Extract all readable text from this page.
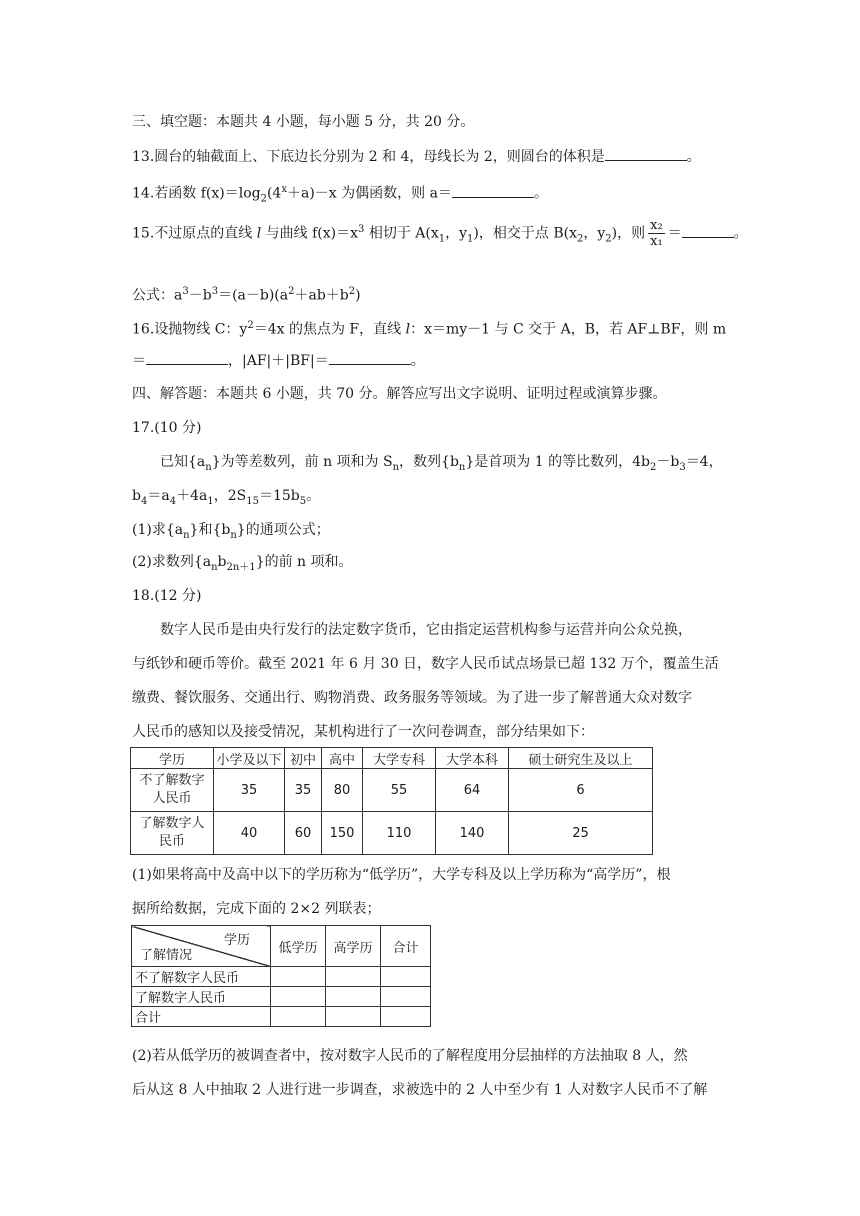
三、填空题：本题共 4 小题，每小题 5 分，共 20 分。
13.圆台的轴截面上、下底边长分别为 2 和 4，母线长为 2，则圆台的体积是	。
14.若函数 $f(x)=\log_2(4^x+a)-x$ 为偶函数，则 a＝	。
15.不过原点的直线 l 与曲线 $f(x)=x^3$ 相切于 $A(x_1$，$y_1$)，相交于点 $B(x_2$，$y_2$)，则 $\frac{\text{x₂}}{\text{x₁}}$ ＝	。
公式：$a^3-b^3=(a-b)(a^2+ab+b^2)$
16.设抛物线 C：$y^2=4x$ 的焦点为 F，直线 l：x＝my－1 与 C 交于 A，B，若 AF⊥BF，则 m
＝	，|AF|＋|BF|＝	。
四、解答题：本题共 6 小题，共 70 分。解答应写出文字说明、证明过程或演算步骤。
17.(10 分)
已知$\{a_n\}$为等差数列，前 n 项和为 $S_n$，数列$\{b_n\}$是首项为 1 的等比数列，$4b_2-b_3=4$，
$b_4=a_4+4a_1$，$2S_{15}=15b_5$。
(1)求$\{a_n\}$和$\{b_n\}$的通项公式；
(2)求数列$\{a_nb_{2n+1}\}$的前 n 项和。
18.(12 分)
数字人民币是由央行发行的法定数字货币，它由指定运营机构参与运营并向公众兑换，
与纸钞和硬币等价。截至 2021 年 6 月 30 日，数字人民币试点场景已超 132 万个，覆盖生活
缴费、餐饮服务、交通出行、购物消费、政务服务等领域。为了进一步了解普通大众对数字
人民币的感知以及接受情况，某机构进行了一次问卷调查，部分结果如下：
学历	小学及以下	初中	高中	大学专科	大学本科	硕士研究生及以上
不了解数字人民币	35	35	80	55	64	6
了解数字人民币	40	60	150	110	140	25
(1)如果将高中及高中以下的学历称为“低学历”，大学专科及以上学历称为“高学历”，根
据所给数据，完成下面的 2×2 列联表；
学历
了解情况	低学历	高学历	合计
不了解数字人民币			
了解数字人民币			
合计			
(2)若从低学历的被调查者中，按对数字人民币的了解程度用分层抽样的方法抽取 8 人，然
后从这 8 人中抽取 2 人进行进一步调查，求被选中的 2 人中至少有 1 人对数字人民币不了解
